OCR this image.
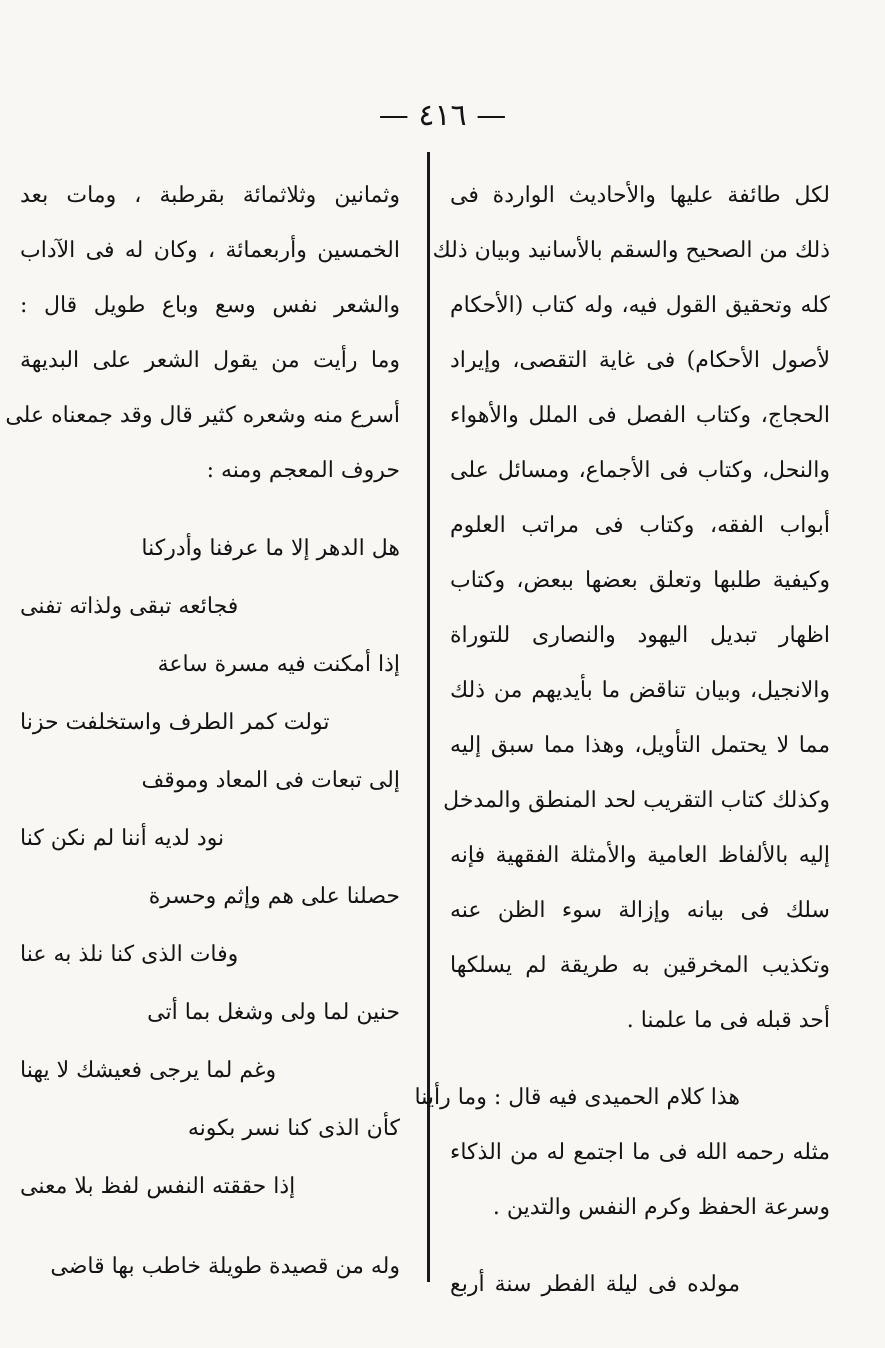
— ٤١٦ —
لكل طائفة عليها والأحاديث الواردة فى
ذلك من الصحيح والسقم بالأسانيد وبيان ذلك
كله وتحقيق القول فيه، وله كتاب (الأحكام
لأصول الأحكام) فى غاية التقصى، وإيراد
الحجاج، وكتاب الفصل فى الملل والأهواء
والنحل، وكتاب فى الأجماع، ومسائل على
أبواب الفقه، وكتاب فى مراتب العلوم
وكيفية طلبها وتعلق بعضها ببعض، وكتاب
اظهار تبديل اليهود والنصارى للتوراة
والانجيل، وبيان تناقض ما بأيديهم من ذلك
مما لا يحتمل التأويل، وهذا مما سبق إليه
وكذلك كتاب التقريب لحد المنطق والمدخل
إليه بالألفاظ العامية والأمثلة الفقهية فإنه
سلك فى بيانه وإزالة سوء الظن عنه
وتكذيب المخرقين به طريقة لم يسلكها
أحد قبله فى ما علمنا .
هذا كلام الحميدى فيه قال : وما رأينا
مثله رحمه الله فى ما اجتمع له من الذكاء
وسرعة الحفظ وكرم النفس والتدين .
مولده فى ليلة الفطر سنة أربع
وثمانين وثلاثمائة بقرطبة ، ومات بعد
الخمسين وأربعمائة ، وكان له فى الآداب
والشعر نفس وسع وباع طويل قال :
وما رأيت من يقول الشعر على البديهة
أسرع منه وشعره كثير قال وقد جمعناه على
حروف المعجم ومنه :
هل الدهر إلا ما عرفنا وأدركنا
فجائعه تبقى ولذاته تفنى
إذا أمكنت فيه مسرة ساعة
تولت كمر الطرف واستخلفت حزنا
إلى تبعات فى المعاد وموقف
نود لديه أننا لم نكن كنا
حصلنا على هم وإثم وحسرة
وفات الذى كنا نلذ به عنا
حنين لما ولى وشغل بما أتى
وغم لما يرجى فعيشك لا يهنا
كأن الذى كنا نسر بكونه
إذا حققته النفس لفظ بلا معنى
وله من قصيدة طويلة خاطب بها قاضى
